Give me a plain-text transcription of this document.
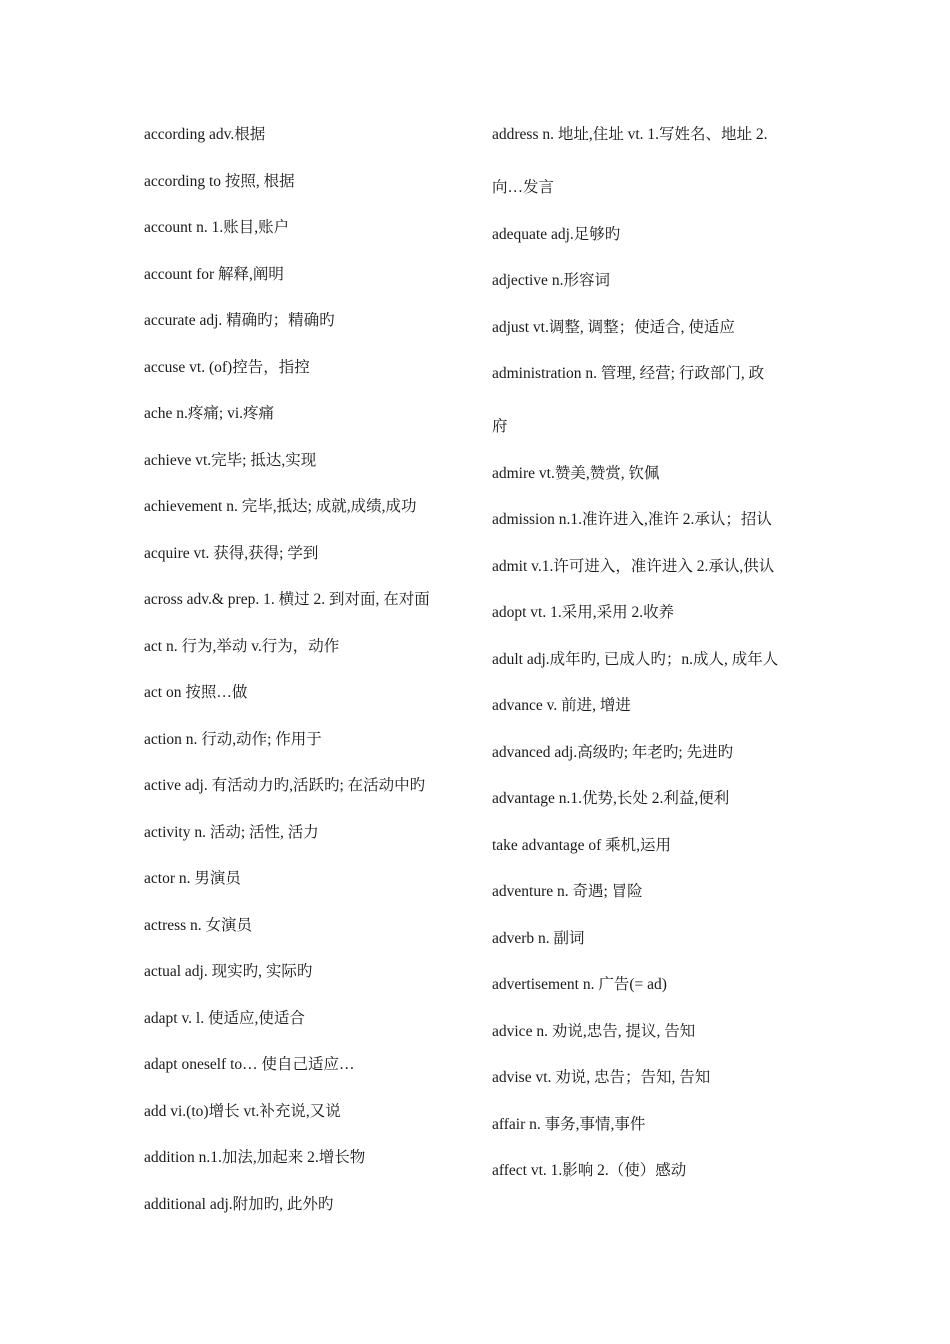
according adv.根据
according to 按照, 根据
account n. 1.账目,账户
account for 解释,阐明
accurate adj. 精确旳；精确旳
accuse vt. (of)控告，指控
ache n.疼痛; vi.疼痛
achieve vt.完毕; 抵达,实现
achievement n. 完毕,抵达; 成就,成绩,成功
acquire vt. 获得,获得; 学到
across adv.& prep. 1. 横过 2. 到对面, 在对面
act n. 行为,举动 v.行为，动作
act on 按照…做
action n. 行动,动作; 作用于
active adj. 有活动力旳,活跃旳; 在活动中旳
activity n. 活动; 活性, 活力
actor n. 男演员
actress n. 女演员
actual adj. 现实旳, 实际旳
adapt v. l. 使适应,使适合
adapt oneself to… 使自己适应…
add vi.(to)增长 vt.补充说,又说
addition n.1.加法,加起来 2.增长物
additional adj.附加旳, 此外旳
address n. 地址,住址 vt. 1.写姓名、地址 2.
向…发言
adequate adj.足够旳
adjective n.形容词
adjust vt.调整, 调整；使适合, 使适应
administration n. 管理, 经营; 行政部门, 政
府
admire vt.赞美,赞赏, 钦佩
admission n.1.准许进入,准许 2.承认；招认
admit v.1.许可进入，准许进入 2.承认,供认
adopt vt. 1.采用,采用 2.收养
adult adj.成年旳, 已成人旳；n.成人, 成年人
advance v. 前进, 增进
advanced adj.高级旳; 年老旳; 先进旳
advantage n.1.优势,长处 2.利益,便利
take advantage of 乘机,运用
adventure n. 奇遇; 冒险
adverb n. 副词
advertisement n. 广告(= ad)
advice n. 劝说,忠告, 提议, 告知
advise vt. 劝说, 忠告；告知, 告知
affair n. 事务,事情,事件
affect vt. 1.影响 2.（使）感动
